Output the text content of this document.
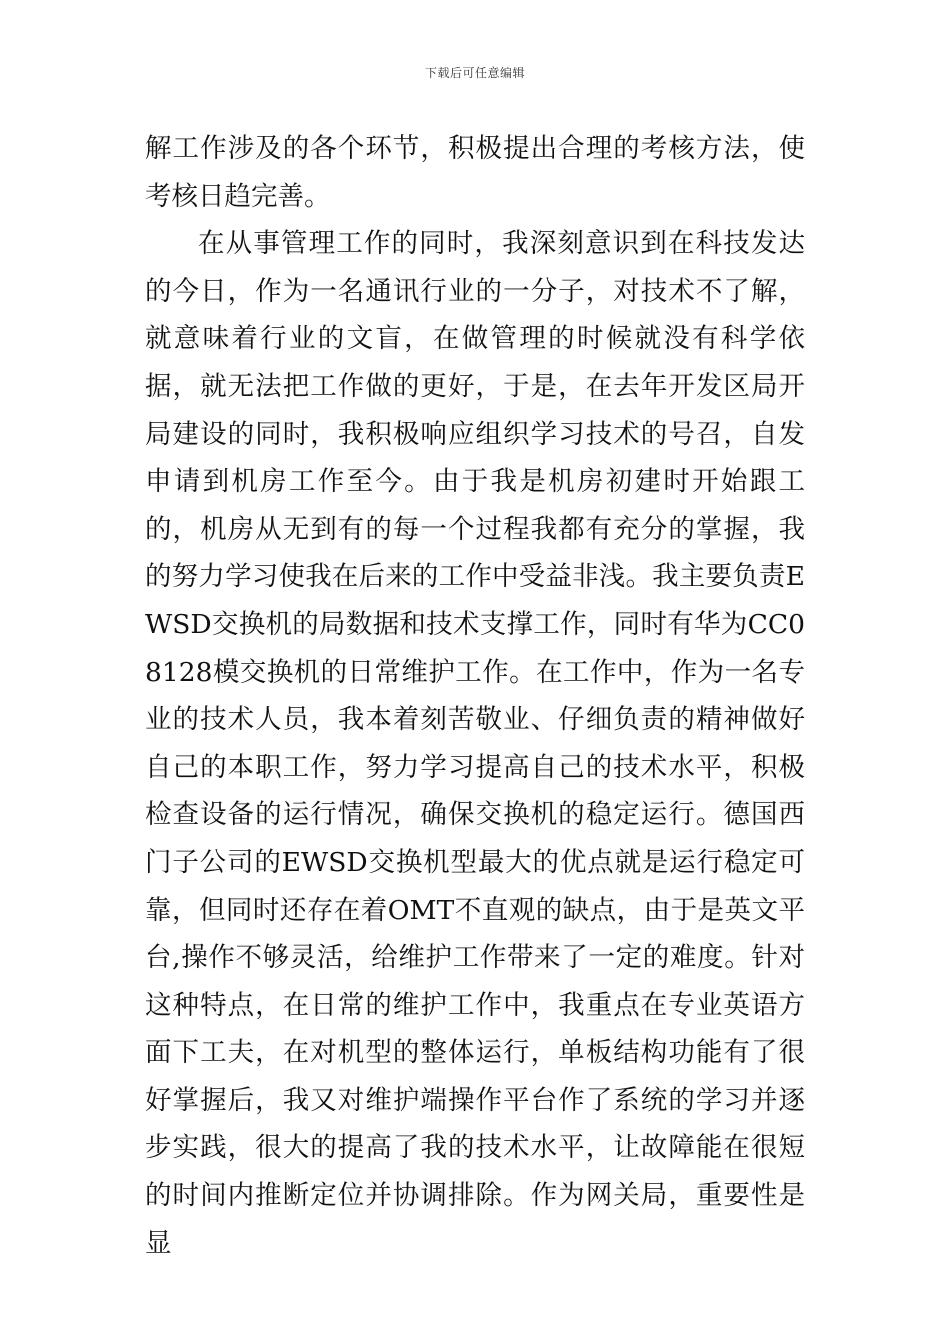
下载后可任意编辑

解工作涉及的各个环节，积极提出合理的考核方法，使考核日趋完善。

在从事管理工作的同时，我深刻意识到在科技发达的今日，作为一名通讯行业的一分子，对技术不了解，就意味着行业的文盲，在做管理的时候就没有科学依据，就无法把工作做的更好，于是，在去年开发区局开局建设的同时，我积极响应组织学习技术的号召，自发申请到机房工作至今。由于我是机房初建时开始跟工的，机房从无到有的每一个过程我都有充分的掌握，我的努力学习使我在后来的工作中受益非浅。我主要负责EWSD交换机的局数据和技术支撑工作，同时有华为CC08128模交换机的日常维护工作。在工作中，作为一名专业的技术人员，我本着刻苦敬业、仔细负责的精神做好自己的本职工作，努力学习提高自己的技术水平，积极检查设备的运行情况，确保交换机的稳定运行。德国西门子公司的EWSD交换机型最大的优点就是运行稳定可靠，但同时还存在着OMT不直观的缺点，由于是英文平台,操作不够灵活，给维护工作带来了一定的难度。针对这种特点，在日常的维护工作中，我重点在专业英语方面下工夫，在对机型的整体运行，单板结构功能有了很好掌握后，我又对维护端操作平台作了系统的学习并逐步实践，很大的提高了我的技术水平，让故障能在很短的时间内推断定位并协调排除。作为网关局，重要性是显
